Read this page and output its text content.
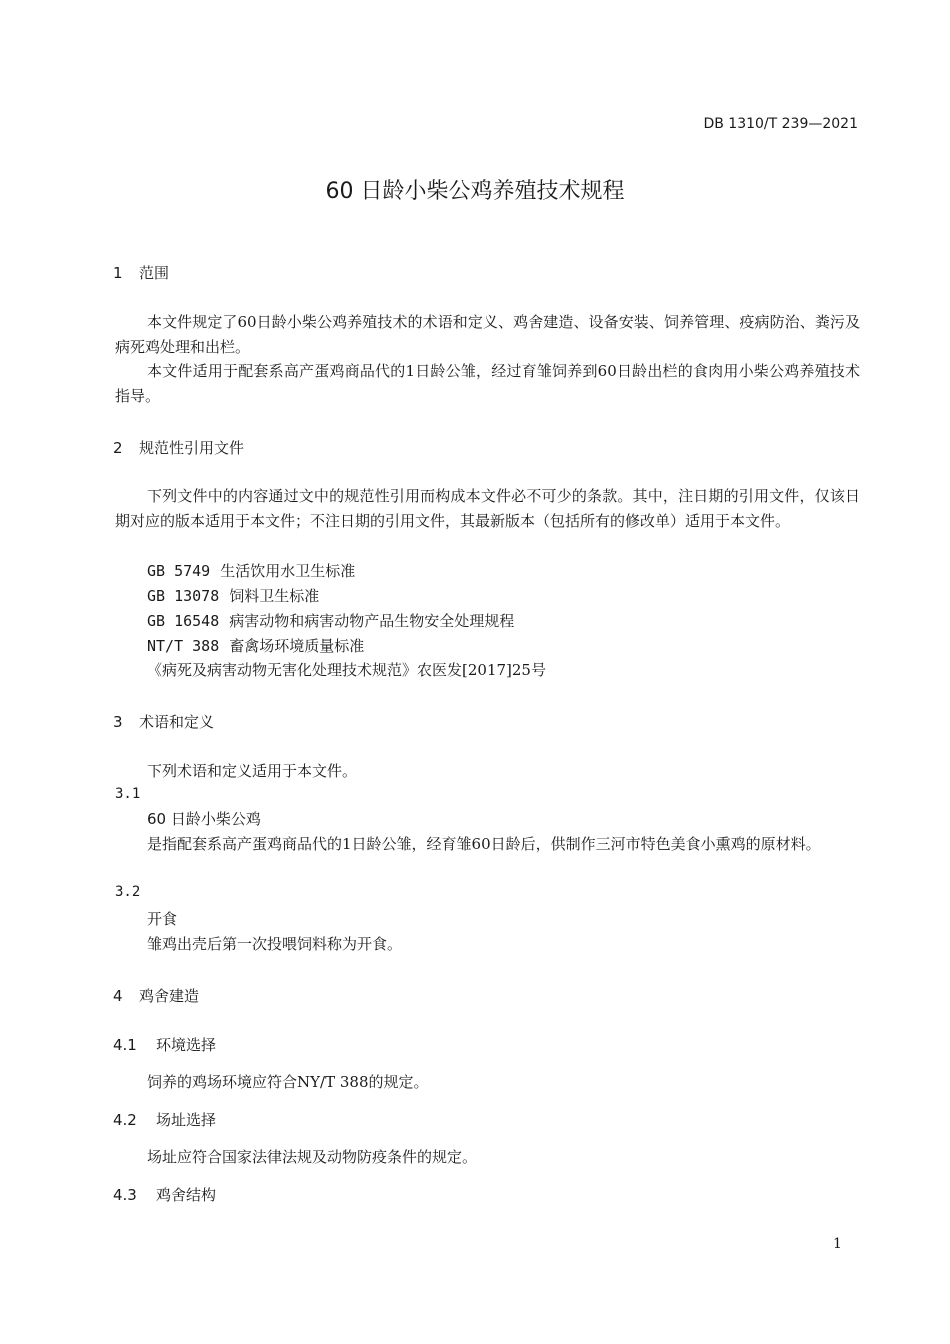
DB 1310/T 239—2021
60 日龄小柴公鸡养殖技术规程
1 范围
本文件规定了60日龄小柴公鸡养殖技术的术语和定义、鸡舍建造、设备安装、饲养管理、疫病防治、粪污及病死鸡处理和出栏。
本文件适用于配套系高产蛋鸡商品代的1日龄公雏，经过育雏饲养到60日龄出栏的食肉用小柴公鸡养殖技术指导。
2 规范性引用文件
下列文件中的内容通过文中的规范性引用而构成本文件必不可少的条款。其中，注日期的引用文件，仅该日期对应的版本适用于本文件；不注日期的引用文件，其最新版本（包括所有的修改单）适用于本文件。
GB 5749 生活饮用水卫生标准
GB 13078 饲料卫生标准
GB 16548 病害动物和病害动物产品生物安全处理规程
NT/T 388 畜禽场环境质量标准
《病死及病害动物无害化处理技术规范》农医发[2017]25号
3 术语和定义
下列术语和定义适用于本文件。
3.1
60 日龄小柴公鸡
是指配套系高产蛋鸡商品代的1日龄公雏，经育雏60日龄后，供制作三河市特色美食小熏鸡的原材料。
3.2
开食
雏鸡出壳后第一次投喂饲料称为开食。
4 鸡舍建造
4.1 环境选择
饲养的鸡场环境应符合NY/T 388的规定。
4.2 场址选择
场址应符合国家法律法规及动物防疫条件的规定。
4.3 鸡舍结构
1
